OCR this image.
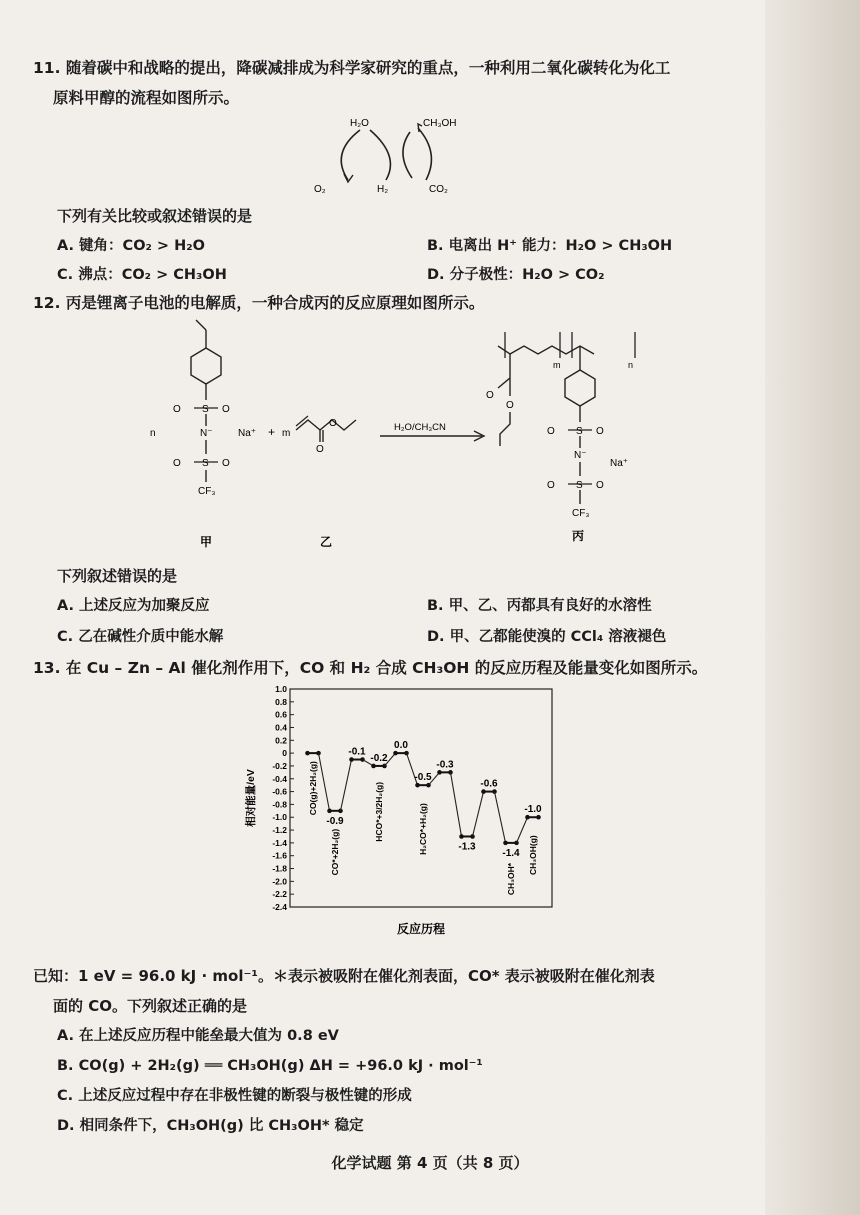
11. 随着碳中和战略的提出，降碳减排成为科学家研究的重点，一种利用二氧化碳转化为化工
原料甲醇的流程如图所示。
H₂O	CH₃OH
O₂	H₂	CO₂
下列有关比较或叙述错误的是
A. 键角：CO₂ > H₂O	B. 电离出 H⁺ 能力：H₂O > CH₃OH
C. 沸点：CO₂ > CH₃OH	D. 分子极性：H₂O > CO₂
12. 丙是锂离子电池的电解质，一种合成丙的反应原理如图所示。
O S O
N⁻
O S O
CF₃
n	Na⁺ + m
O
O	H₂O/CH₃CN
m	n
O
O
O S O
N⁻
Na⁺
O S O
CF₃
甲	乙	丙
下列叙述错误的是
A. 上述反应为加聚反应	B. 甲、乙、丙都具有良好的水溶性
C. 乙在碱性介质中能水解	D. 甲、乙都能使溴的 CCl₄ 溶液褪色
13. 在 Cu – Zn – Al 催化剂作用下，CO 和 H₂ 合成 CH₃OH 的反应历程及能量变化如图所示。
1.0
0.8
0.6
0.4
0.2
0
-0.2
-0.4
-0.6
-0.8
-1.0
-1.2
-1.4
-1.6
-1.8
-2.0
-2.2
-2.4
CO(g)+2H₂(g)
-0.9
CO*+2H₂(g)
-0.1
-0.2
HCO*+3/2H₂(g)
0.0
-0.5
H₂CO*+H₂(g)
-0.3
-1.3
-0.6
-1.4
CH₃OH*
-1.0
CH₃OH(g)
相对能量/eV
反应历程
已知：1 eV = 96.0 kJ · mol⁻¹。＊表示被吸附在催化剂表面，CO* 表示被吸附在催化剂表
面的 CO。下列叙述正确的是
A. 在上述反应历程中能垒最大值为 0.8 eV
B. CO(g) + 2H₂(g) ══ CH₃OH(g) ΔH = +96.0 kJ · mol⁻¹
C. 上述反应过程中存在非极性键的断裂与极性键的形成
D. 相同条件下，CH₃OH(g) 比 CH₃OH* 稳定
化学试题 第 4 页（共 8 页）
